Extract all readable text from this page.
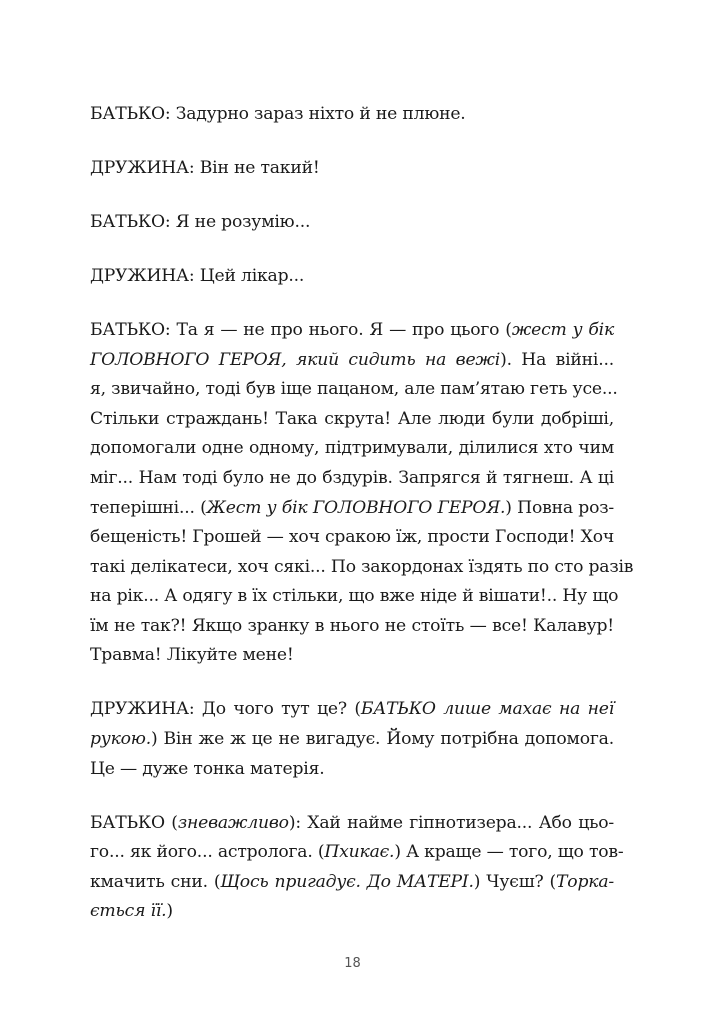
БАТЬКО: Задурно зараз ніхто й не плюне.
ДРУЖИНА: Він не такий!
БАТЬКО: Я не розумію...
ДРУЖИНА: Цей лікар...
БАТЬКО: Та я — не про нього. Я — про цього (жест у бік
ГОЛОВНОГО ГЕРОЯ, який сидить на вежі). На війні...
я, звичайно, тоді був іще пацаном, але пам’ятаю геть усе...
Стільки страждань! Така скрута! Але люди були добріші,
допомогали одне одному, підтримували, ділилися хто чим
міг... Нам тоді було не до бздурів. Запрягся й тягнеш. А ці
теперішні... (Жест у бік ГОЛОВНОГО ГЕРОЯ.) Повна роз-
бещеність! Грошей — хоч сракою їж, прости Господи! Хоч
такі делікатеси, хоч сякі... По закордонах їздять по сто разів
на рік... А одягу в їх стільки, що вже ніде й вішати!.. Ну що
їм не так?! Якщо зранку в нього не стоїть — все! Калавур!
Травма! Лікуйте мене!
ДРУЖИНА: До чого тут це? (БАТЬКО лише махає на неї
рукою.) Він же ж це не вигадує. Йому потрібна допомога.
Це — дуже тонка матерія.
БАТЬКО (зневажливо): Хай найме гіпнотизера... Або цьо-
го... як його... астролога. (Пхикає.) А краще — того, що тов-
кмачить сни. (Щось пригадує. До МАТЕРІ.) Чуєш? (Торка-
ється її.)
18
